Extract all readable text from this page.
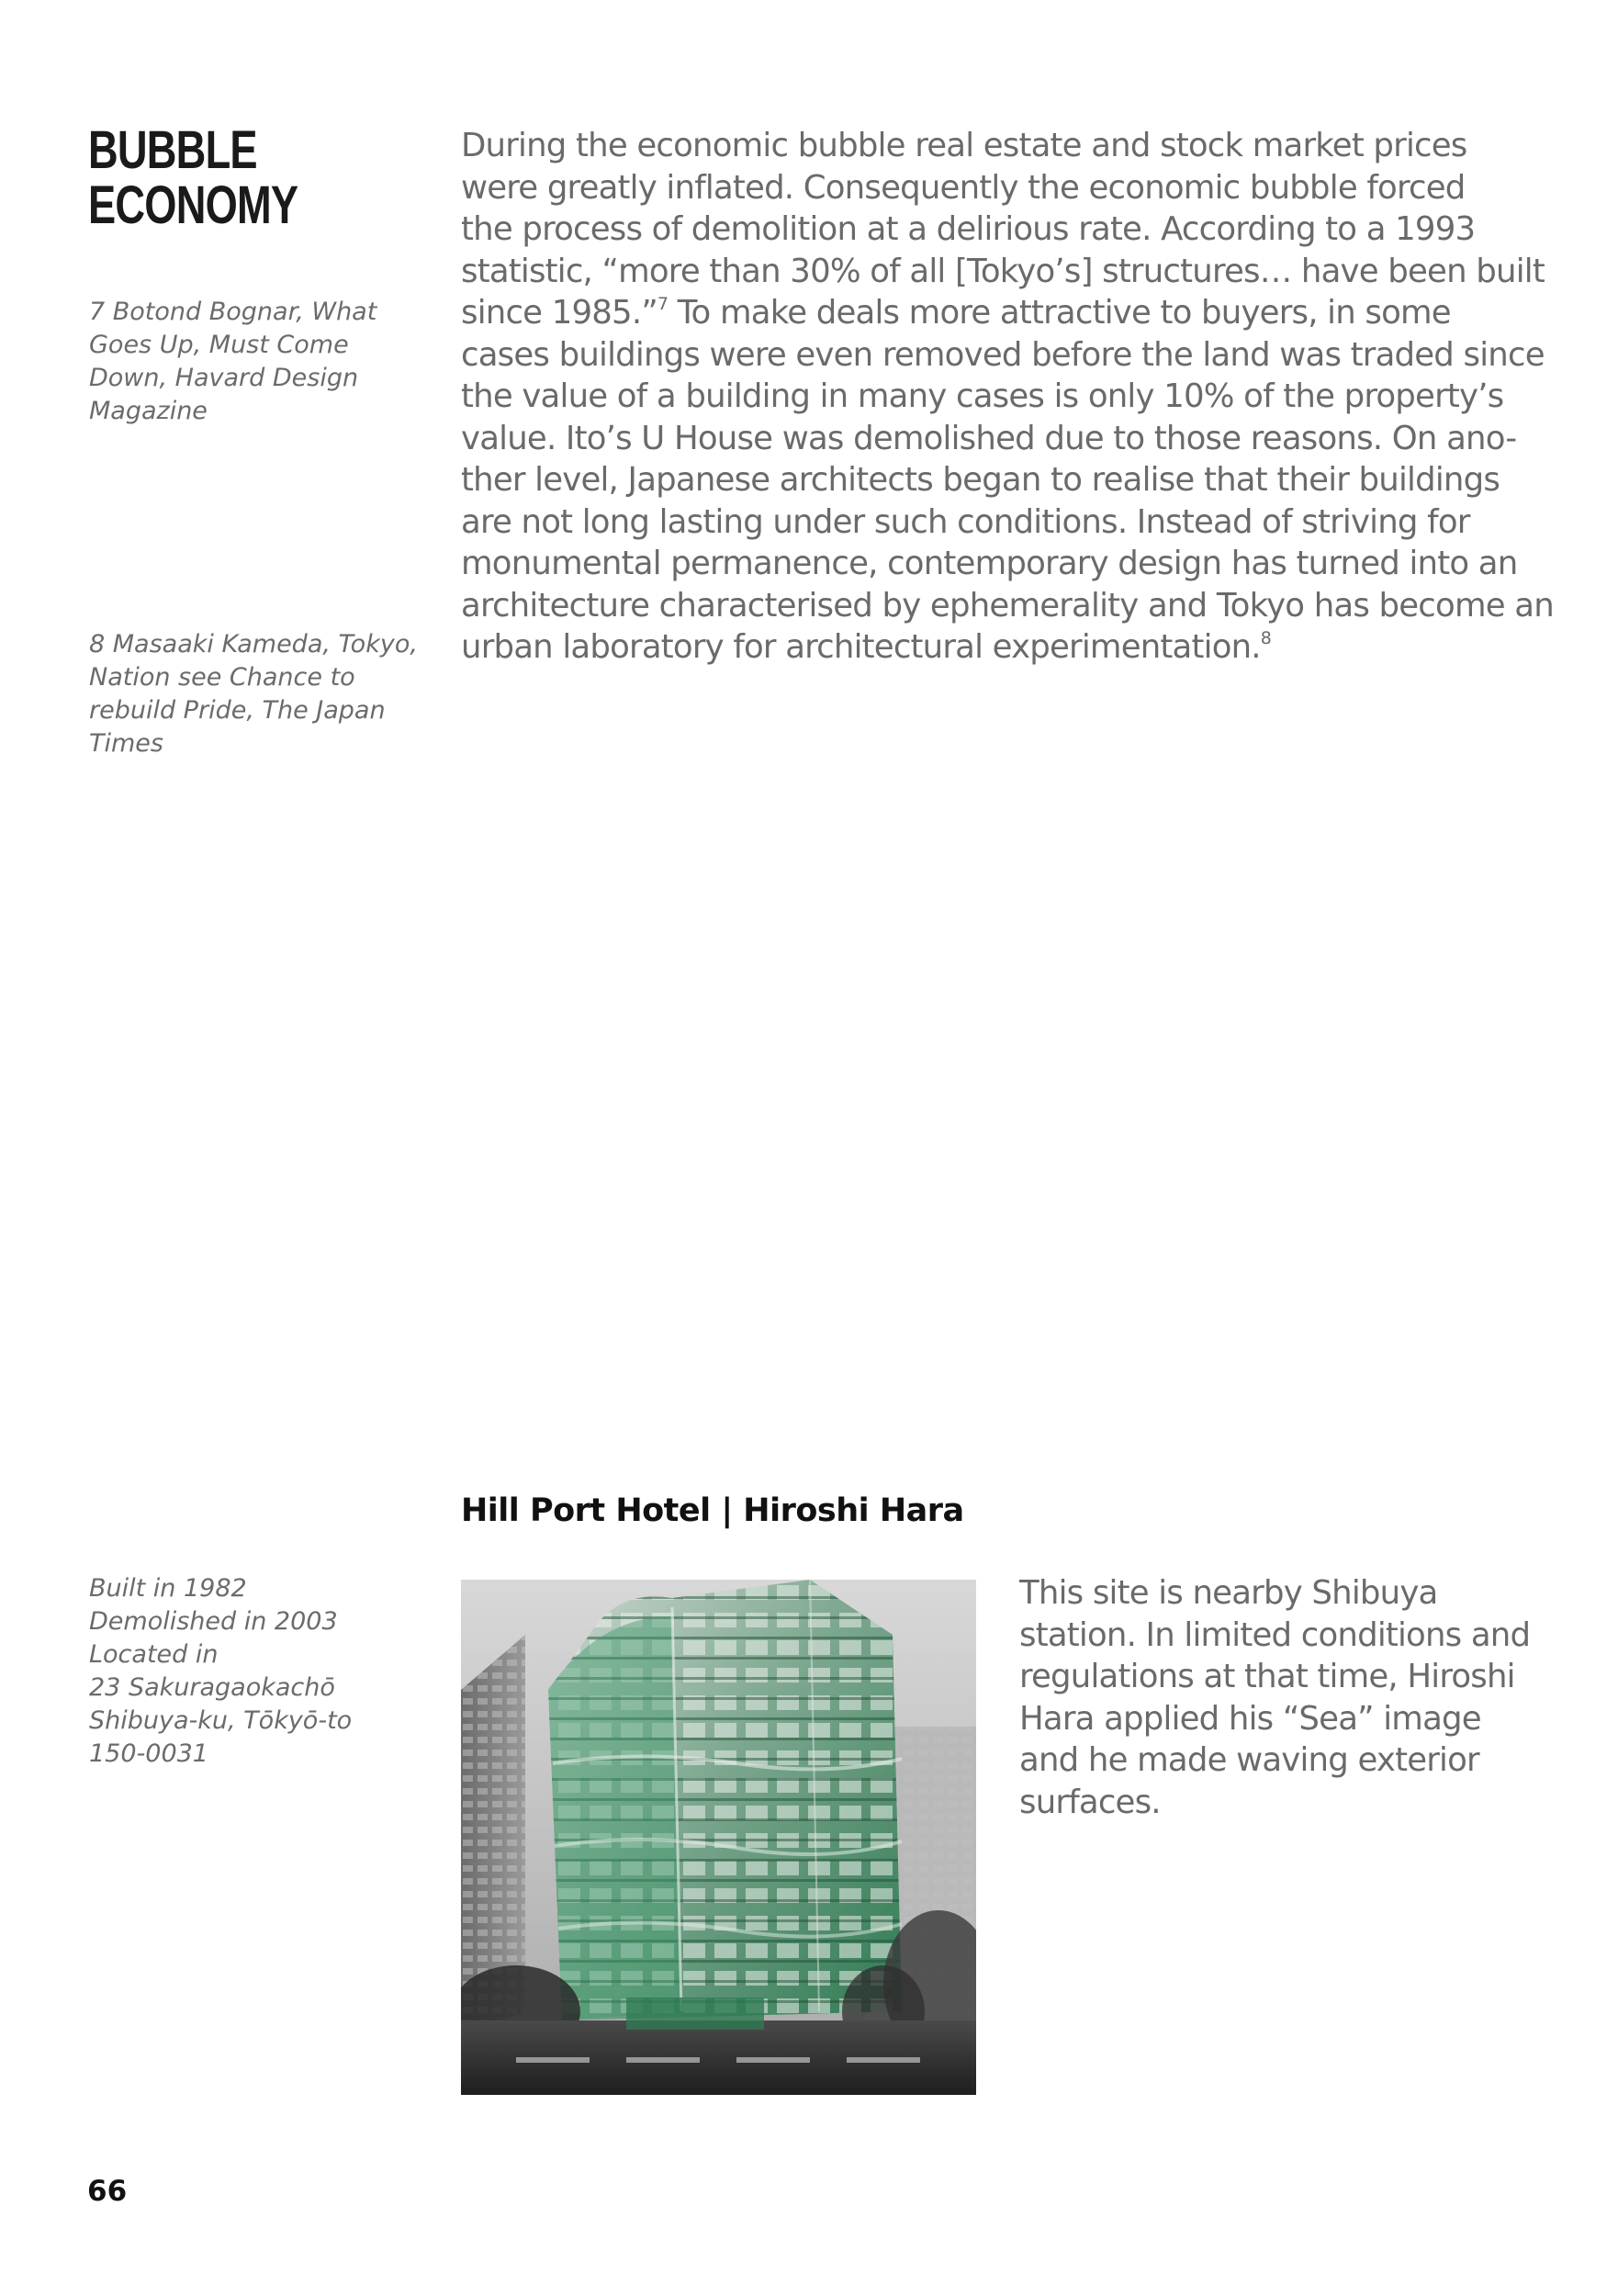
BUBBLE
ECONOMY
7 Botond Bognar, What
Goes Up, Must Come
Down, Havard Design
Magazine
8 Masaaki Kameda, Tokyo,
Nation see Chance to
rebuild Pride, The Japan
Times
During the economic bubble real estate and stock market prices
were greatly inflated. Consequently the economic bubble forced
the process of demolition at a delirious rate. According to a 1993
statistic, “more than 30% of all [Tokyo’s] structures… have been built
since 1985.”$^7$ To make deals more attractive to buyers, in some
cases buildings were even removed before the land was traded since
the value of a building in many cases is only 10% of the property’s
value. Ito’s U House was demolished due to those reasons. On ano-
ther level, Japanese architects began to realise that their buildings
are not long lasting under such conditions. Instead of striving for
monumental permanence, contemporary design has turned into an
architecture characterised by ephemerality and Tokyo has become an
urban laboratory for architectural experimentation.$^8$
Hill Port Hotel | Hiroshi Hara
Built in 1982
Demolished in 2003
Located in
23 Sakuragaokachō
Shibuya-ku, Tōkyō-to
150-0031
This site is nearby Shibuya
station. In limited conditions and
regulations at that time, Hiroshi
Hara applied his “Sea” image
and he made waving exterior
surfaces.
66
